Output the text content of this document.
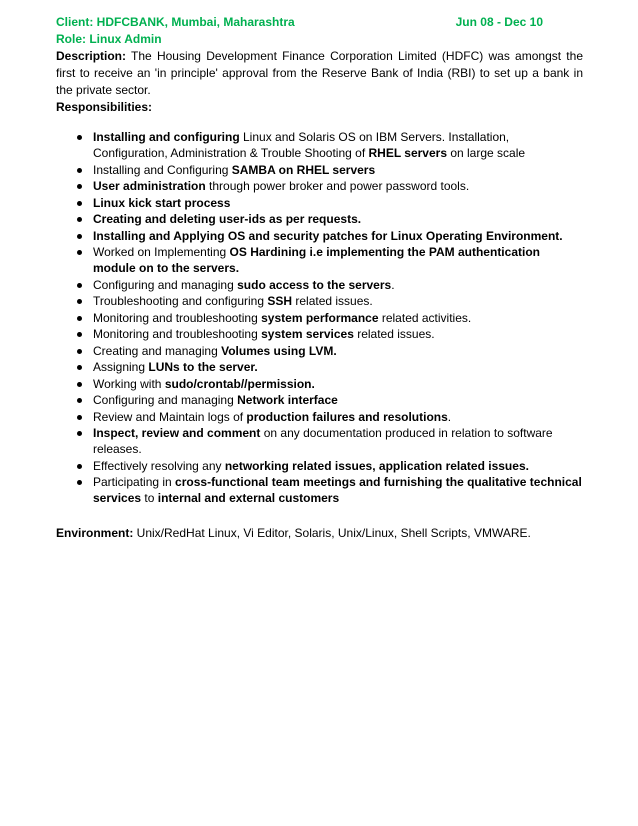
Client: HDFCBANK, Mumbai, Maharashtra	Jun 08 - Dec 10
Role: Linux Admin

Description: The Housing Development Finance Corporation Limited (HDFC) was amongst the first to receive an 'in principle' approval from the Reserve Bank of India (RBI) to set up a bank in the private sector.

Responsibilities:
Installing and configuring Linux and Solaris OS on IBM Servers. Installation, Configuration, Administration & Trouble Shooting of RHEL servers on large scale
Installing and Configuring SAMBA on RHEL servers
User administration through power broker and power password tools.
Linux kick start process
Creating and deleting user-ids as per requests.
Installing and Applying OS and security patches for Linux Operating Environment.
Worked on Implementing OS Hardining i.e implementing the PAM authentication module on to the servers.
Configuring and managing sudo access to the servers.
Troubleshooting and configuring SSH related issues.
Monitoring and troubleshooting system performance related activities.
Monitoring and troubleshooting system services related issues.
Creating and managing Volumes using LVM.
Assigning LUNs to the server.
Working with sudo/crontab//permission.
Configuring and managing Network interface
Review and Maintain logs of production failures and resolutions.
Inspect, review and comment on any documentation produced in relation to software releases.
Effectively resolving any networking related issues, application related issues.
Participating in cross-functional team meetings and furnishing the qualitative technical services to internal and external customers

Environment: Unix/RedHat Linux, Vi Editor, Solaris, Unix/Linux, Shell Scripts, VMWARE.
